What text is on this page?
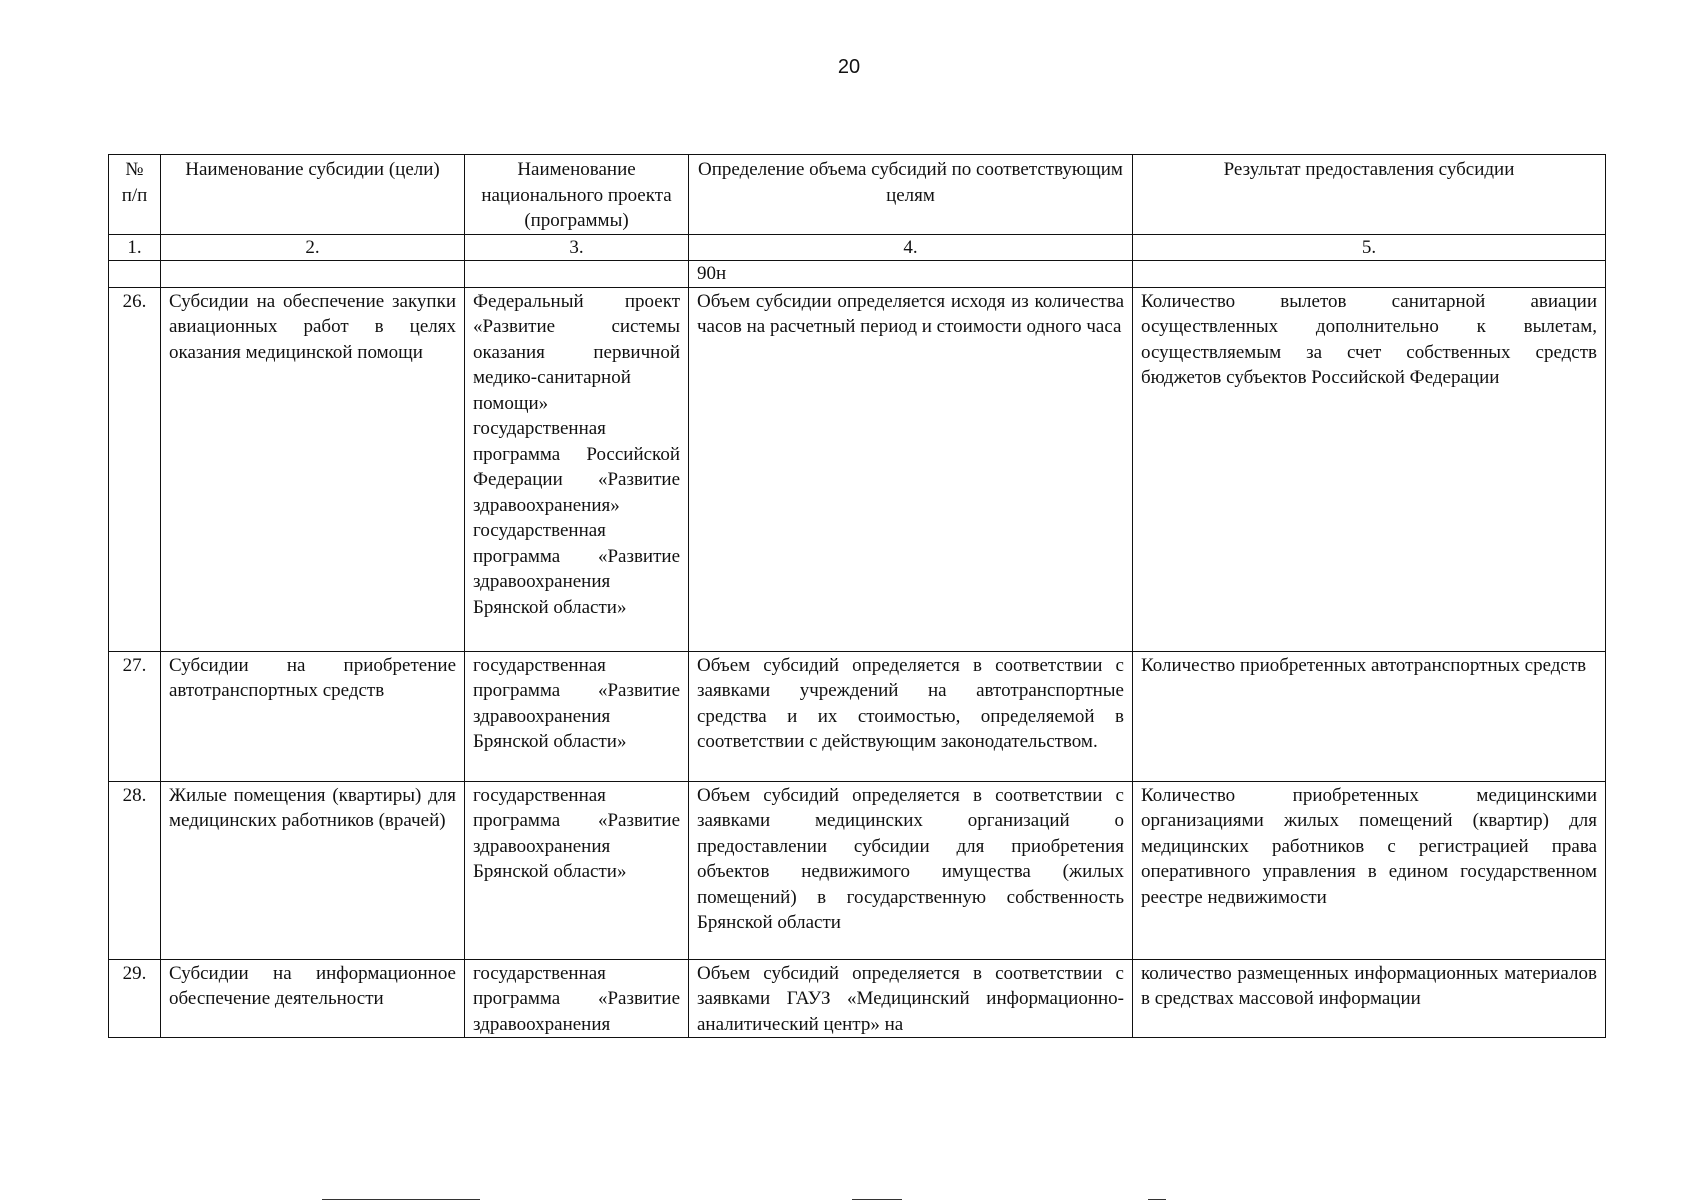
20
№ п/п	Наименование субсидии (цели)	Наименование национального проекта (программы)	Определение объема субсидий по соответствующим целям	Результат предоставления субсидии
1.	2.	3.	4.	5.
			90н	
26.	Субсидии на обеспечение закупки авиационных работ в целях оказания медицинской помощи	Федеральный проект «Развитие системы оказания первичной медико-санитарной помощи» государственная программа Российской Федерации «Развитие здравоохранения» государственная программа «Развитие здравоохранения Брянской области»	Объем субсидии определяется исходя из количества часов на расчетный период и стоимости одного часа	Количество вылетов санитарной авиации осуществленных дополнительно к вылетам, осуществляемым за счет собственных средств бюджетов субъектов Российской Федерации
27.	Субсидии на приобретение автотранспортных средств	государственная программа «Развитие здравоохранения Брянской области»	Объем субсидий определяется в соответствии с заявками учреждений на автотранспортные средства и их стоимостью, определяемой в соответствии с действующим законодательством.	Количество приобретенных автотранспортных средств
28.	Жилые помещения (квартиры) для медицинских работников (врачей)	государственная программа «Развитие здравоохранения Брянской области»	Объем субсидий определяется в соответствии с заявками медицинских организаций о предоставлении субсидии для приобретения объектов недвижимого имущества (жилых помещений) в государственную собственность Брянской области	Количество приобретенных медицинскими организациями жилых помещений (квартир) для медицинских работников с регистрацией права оперативного управления в едином государственном реестре недвижимости
29.	Субсидии на информационное обеспечение деятельности	государственная программа «Развитие здравоохранения	Объем субсидий определяется в соответствии с заявками ГАУЗ «Медицинский информационно-аналитический центр» на	количество размещенных информационных материалов в средствах массовой информации
